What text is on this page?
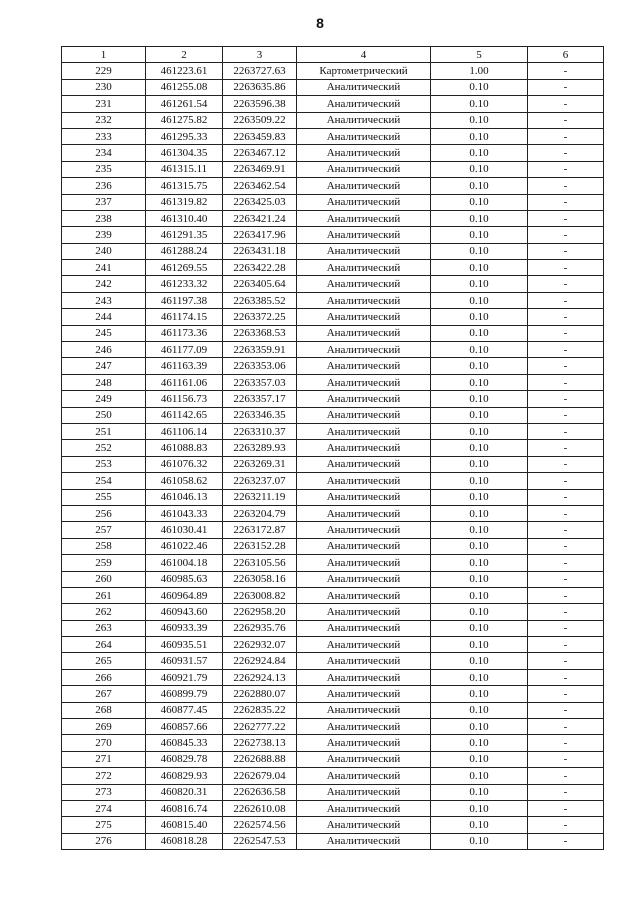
8
1	2	3	4	5	6
229	461223.61	2263727.63	Картометрический	1.00	-
230	461255.08	2263635.86	Аналитический	0.10	-
231	461261.54	2263596.38	Аналитический	0.10	-
232	461275.82	2263509.22	Аналитический	0.10	-
233	461295.33	2263459.83	Аналитический	0.10	-
234	461304.35	2263467.12	Аналитический	0.10	-
235	461315.11	2263469.91	Аналитический	0.10	-
236	461315.75	2263462.54	Аналитический	0.10	-
237	461319.82	2263425.03	Аналитический	0.10	-
238	461310.40	2263421.24	Аналитический	0.10	-
239	461291.35	2263417.96	Аналитический	0.10	-
240	461288.24	2263431.18	Аналитический	0.10	-
241	461269.55	2263422.28	Аналитический	0.10	-
242	461233.32	2263405.64	Аналитический	0.10	-
243	461197.38	2263385.52	Аналитический	0.10	-
244	461174.15	2263372.25	Аналитический	0.10	-
245	461173.36	2263368.53	Аналитический	0.10	-
246	461177.09	2263359.91	Аналитический	0.10	-
247	461163.39	2263353.06	Аналитический	0.10	-
248	461161.06	2263357.03	Аналитический	0.10	-
249	461156.73	2263357.17	Аналитический	0.10	-
250	461142.65	2263346.35	Аналитический	0.10	-
251	461106.14	2263310.37	Аналитический	0.10	-
252	461088.83	2263289.93	Аналитический	0.10	-
253	461076.32	2263269.31	Аналитический	0.10	-
254	461058.62	2263237.07	Аналитический	0.10	-
255	461046.13	2263211.19	Аналитический	0.10	-
256	461043.33	2263204.79	Аналитический	0.10	-
257	461030.41	2263172.87	Аналитический	0.10	-
258	461022.46	2263152.28	Аналитический	0.10	-
259	461004.18	2263105.56	Аналитический	0.10	-
260	460985.63	2263058.16	Аналитический	0.10	-
261	460964.89	2263008.82	Аналитический	0.10	-
262	460943.60	2262958.20	Аналитический	0.10	-
263	460933.39	2262935.76	Аналитический	0.10	-
264	460935.51	2262932.07	Аналитический	0.10	-
265	460931.57	2262924.84	Аналитический	0.10	-
266	460921.79	2262924.13	Аналитический	0.10	-
267	460899.79	2262880.07	Аналитический	0.10	-
268	460877.45	2262835.22	Аналитический	0.10	-
269	460857.66	2262777.22	Аналитический	0.10	-
270	460845.33	2262738.13	Аналитический	0.10	-
271	460829.78	2262688.88	Аналитический	0.10	-
272	460829.93	2262679.04	Аналитический	0.10	-
273	460820.31	2262636.58	Аналитический	0.10	-
274	460816.74	2262610.08	Аналитический	0.10	-
275	460815.40	2262574.56	Аналитический	0.10	-
276	460818.28	2262547.53	Аналитический	0.10	-
